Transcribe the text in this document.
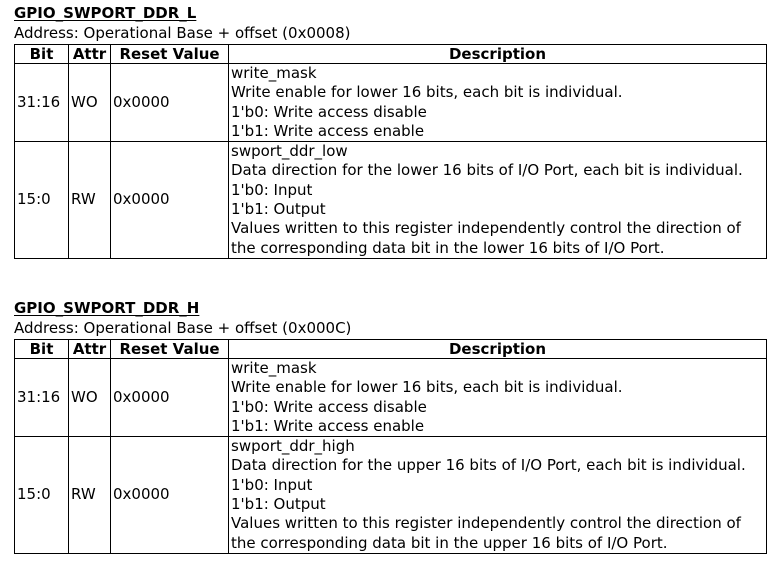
GPIO_SWPORT_DDR_L
Address: Operational Base + offset (0x0008)
Bit	Attr	Reset Value	Description
31:16	WO	0x0000	write_mask
Write enable for lower 16 bits, each bit is individual.
1'b0: Write access disable
1'b1: Write access enable

15:0	RW	0x0000	swport_ddr_low
Data direction for the lower 16 bits of I/O Port, each bit is individual.
1'b0: Input
1'b1: Output
Values written to this register independently control the direction of the corresponding data bit in the lower 16 bits of I/O Port.
GPIO_SWPORT_DDR_H
Address: Operational Base + offset (0x000C)
Bit	Attr	Reset Value	Description
31:16	WO	0x0000	write_mask
Write enable for lower 16 bits, each bit is individual.
1'b0: Write access disable
1'b1: Write access enable

15:0	RW	0x0000	swport_ddr_high
Data direction for the upper 16 bits of I/O Port, each bit is individual.
1'b0: Input
1'b1: Output
Values written to this register independently control the direction of the corresponding data bit in the upper 16 bits of I/O Port.
